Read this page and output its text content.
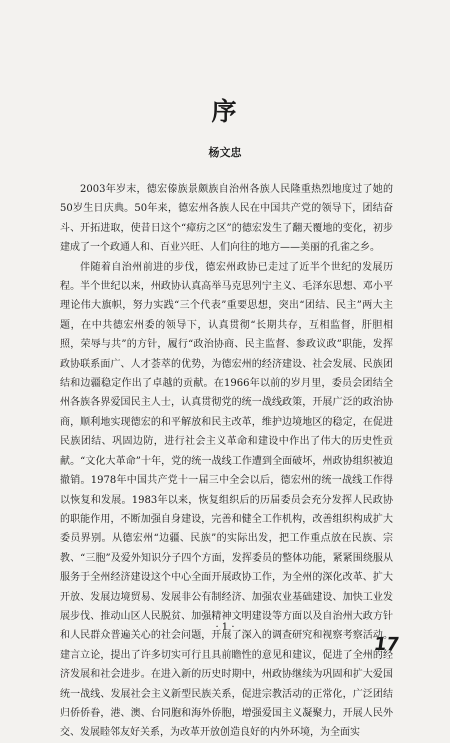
序
杨文忠

2003年岁末，德宏傣族景颇族自治州各族人民隆重热烈地度过了她的50岁生日庆典。50年来，德宏州各族人民在中国共产党的领导下，团结奋斗、开拓进取，使昔日这个“瘴疠之区”的德宏发生了翻天覆地的变化，初步建成了一个政通人和、百业兴旺、人们向往的地方——美丽的孔雀之乡。

伴随着自治州前进的步伐，德宏州政协已走过了近半个世纪的发展历程。半个世纪以来，州政协认真高举马克思列宁主义、毛泽东思想、邓小平理论伟大旗帜，努力实践“三个代表”重要思想，突出“团结、民主”两大主题，在中共德宏州委的领导下，认真贯彻“长期共存，互相监督，肝胆相照，荣辱与共”的方针，履行“政治协商、民主监督、参政议政”职能，发挥政协联系面广、人才荟萃的优势，为德宏州的经济建设、社会发展、民族团结和边疆稳定作出了卓越的贡献。在1966年以前的岁月里，委员会团结全州各族各界爱国民主人士，认真贯彻党的统一战线政策，开展广泛的政治协商，顺利地实现德宏的和平解放和民主改革，维护边境地区的稳定，在促进民族团结、巩固边防，进行社会主义革命和建设中作出了伟大的历史性贡献。“文化大革命”十年，党的统一战线工作遭到全面破坏，州政协组织被迫撤销。1978年中国共产党十一届三中全会以后，德宏州的统一战线工作得以恢复和发展。1983年以来，恢复组织后的历届委员会充分发挥人民政协的职能作用，不断加强自身建设，完善和健全工作机构，改善组织构成扩大委员界别。从德宏州“边疆、民族”的实际出发，把工作重点放在民族、宗教、“三胞”及爱外知识分子四个方面，发挥委员的整体功能，紧紧围绕服从服务于全州经济建设这个中心全面开展政协工作，为全州的深化改革、扩大开放、发展边境贸易、发展非公有制经济、加强农业基础建设、加快工业发展步伐、推动山区人民脱贫、加强精神文明建设等方面以及自治州大政方针和人民群众普遍关心的社会问题，开展了深入的调查研究和视察考察活动。建言立论，提出了许多切实可行且具前瞻性的意见和建议，促进了全州的经济发展和社会进步。在进入新的历史时期中，州政协继续为巩固和扩大爱国统一战线、发展社会主义新型民族关系，促进宗教活动的正常化，广泛团结归侨侨眷，港、澳、台同胞和海外侨胞，增强爱国主义凝聚力，开展人民外交、发展睦邻友好关系，为改革开放创造良好的内外环境，为全面实

· 1 ·
17
